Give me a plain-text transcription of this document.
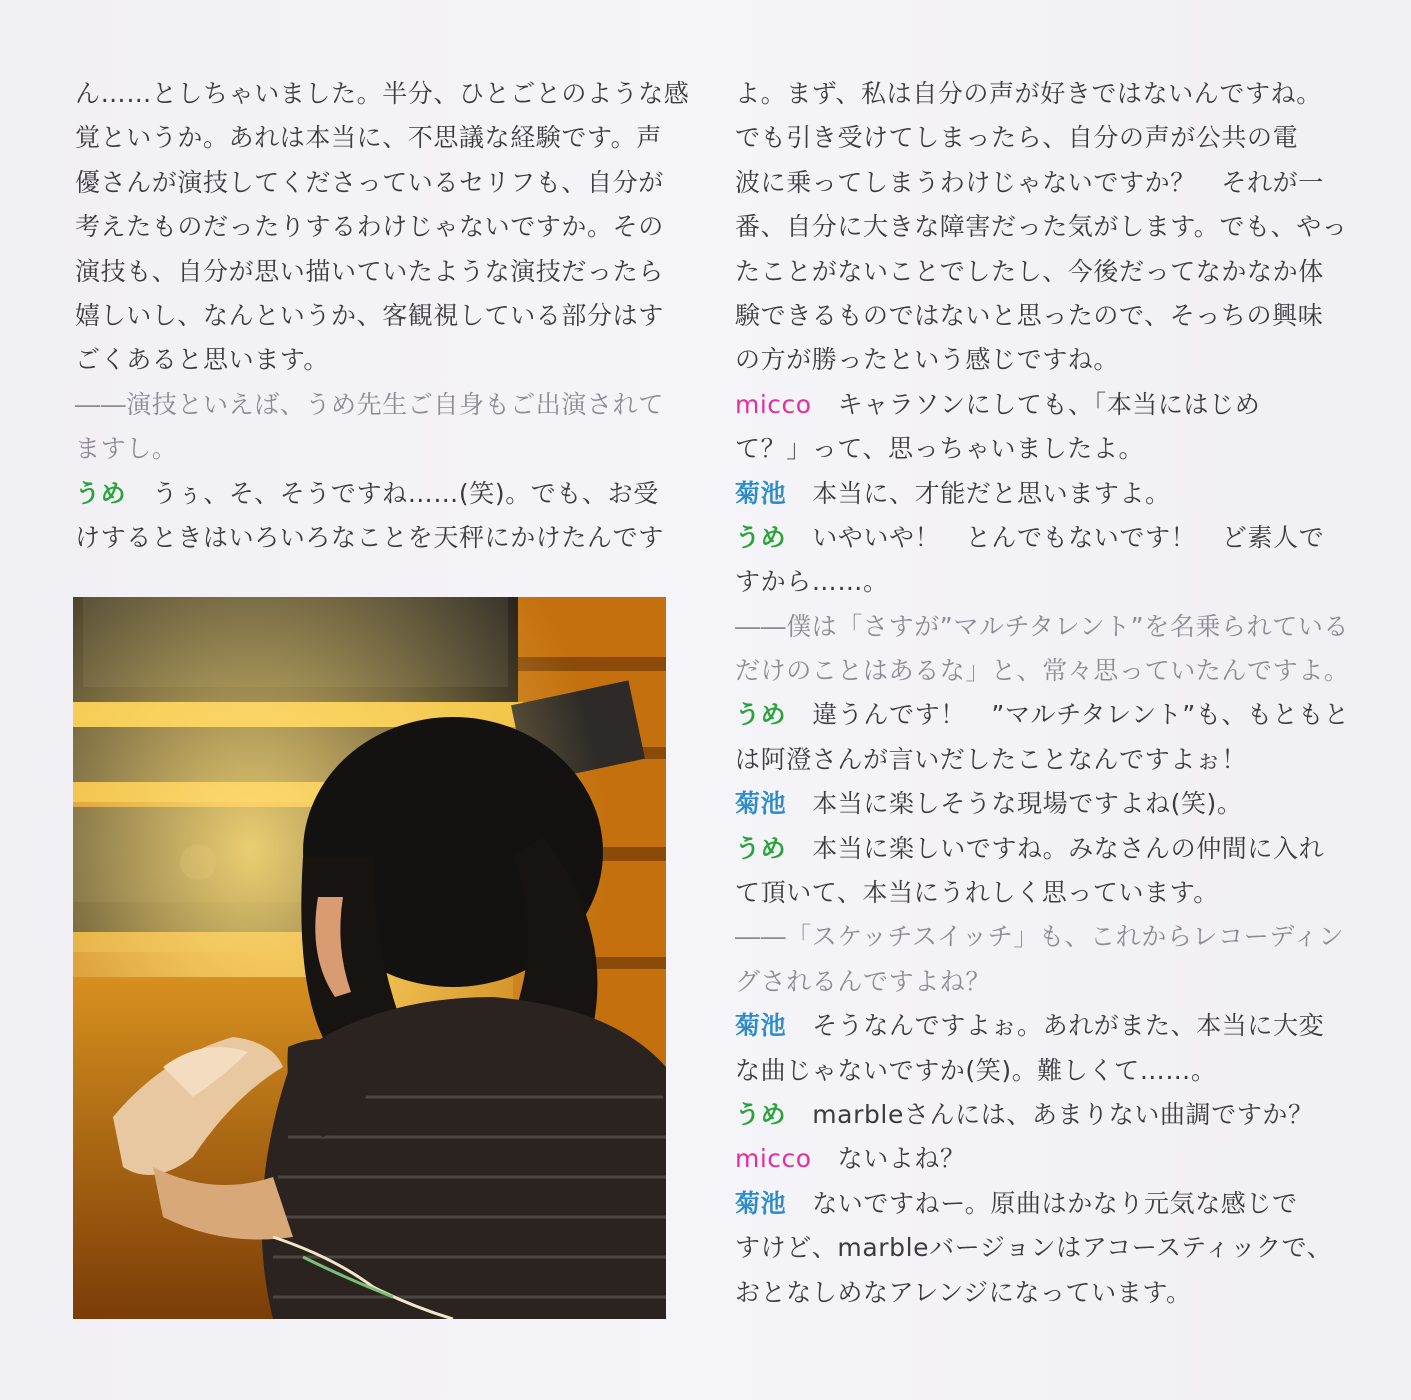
ん……としちゃいました。半分、ひとごとのような感
覚というか。あれは本当に、不思議な経験です。声
優さんが演技してくださっているセリフも、自分が
考えたものだったりするわけじゃないですか。その
演技も、自分が思い描いていたような演技だったら
嬉しいし、なんというか、客観視している部分はす
ごくあると思います。
――演技といえば、うめ先生ご自身もご出演されて
ますし。
うめ うぅ、そ、そうですね……(笑)。でも、お受
けするときはいろいろなことを天秤にかけたんです
よ。まず、私は自分の声が好きではないんですね。
でも引き受けてしまったら、自分の声が公共の電
波に乗ってしまうわけじゃないですか？　それが一
番、自分に大きな障害だった気がします。でも、やっ
たことがないことでしたし、今後だってなかなか体
験できるものではないと思ったので、そっちの興味
の方が勝ったという感じですね。
micco キャラソンにしても、「本当にはじめ
て？」って、思っちゃいましたよ。
菊池 本当に、才能だと思いますよ。
うめ いやいや！　とんでもないです！　ど素人で
すから……。
――僕は「さすが”マルチタレント”を名乗られている
だけのことはあるな」と、常々思っていたんですよ。
うめ 違うんです！　”マルチタレント”も、もともと
は阿澄さんが言いだしたことなんですよぉ！
菊池 本当に楽しそうな現場ですよね(笑)。
うめ 本当に楽しいですね。みなさんの仲間に入れ
て頂いて、本当にうれしく思っています。
――「スケッチスイッチ」も、これからレコーディン
グされるんですよね？
菊池 そうなんですよぉ。あれがまた、本当に大変
な曲じゃないですか(笑)。難しくて……。
うめ marbleさんには、あまりない曲調ですか？
micco ないよね？
菊池 ないですねー。原曲はかなり元気な感じで
すけど、marbleバージョンはアコースティックで、
おとなしめなアレンジになっています。
